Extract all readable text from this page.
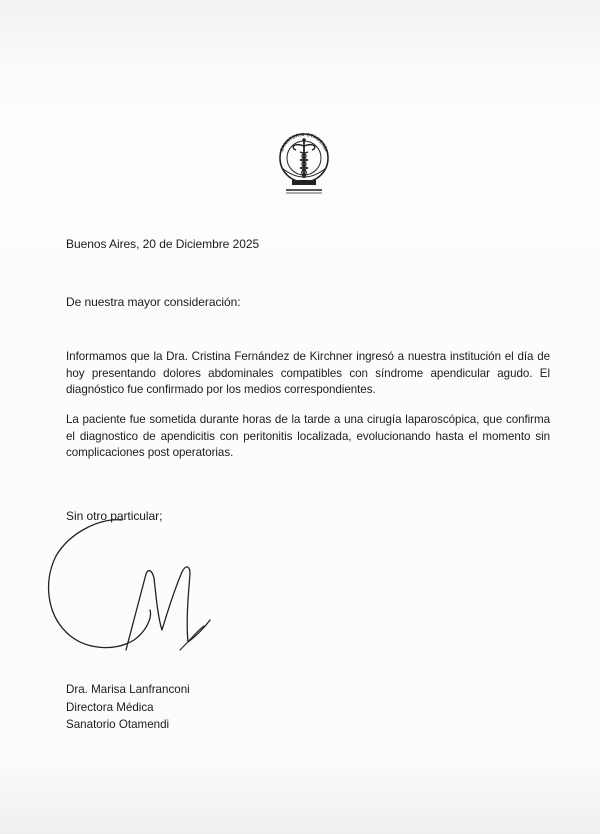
SANATORIO OTAMENDI
Buenos Aires, 20 de Diciembre 2025
De nuestra mayor consideración:
Informamos que la Dra. Cristina Fernández de Kirchner ingresó a nuestra institución el día de hoy presentando dolores abdominales compatibles con síndrome apendicular agudo. El diagnóstico fue confirmado por los medios correspondientes.
La paciente fue sometida durante horas de la tarde a una cirugía laparoscópica, que confirma el diagnostico de apendicitis con peritonitis localizada, evolucionando hasta el momento sin complicaciones post operatorias.
Sin otro particular;
Dra. Marisa Lanfranconi
Directora Médica
Sanatorio Otamendi
